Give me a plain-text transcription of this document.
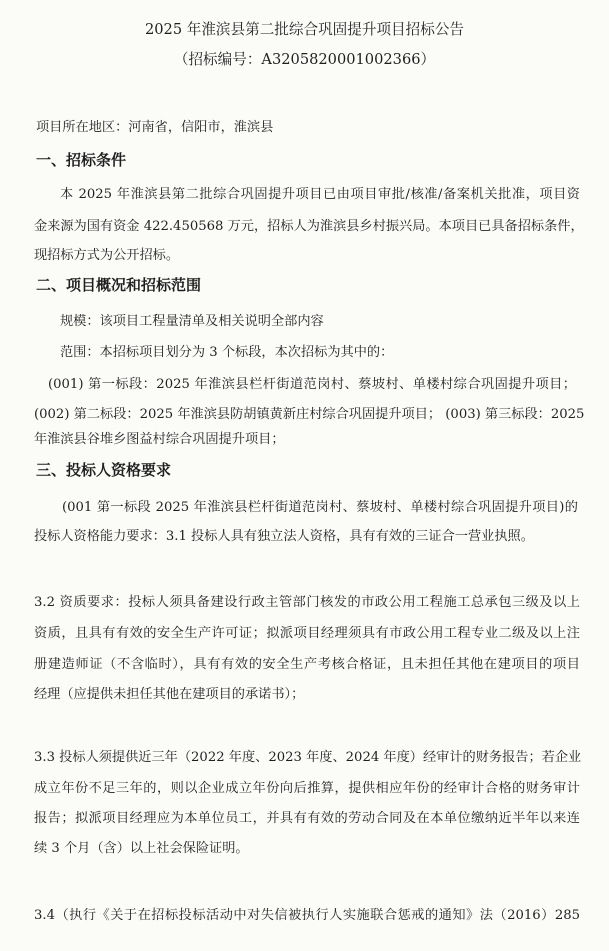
2025 年淮滨县第二批综合巩固提升项目招标公告

（招标编号：A3205820001002366）

项目所在地区：河南省，信阳市，淮滨县

一、招标条件

本 2025 年淮滨县第二批综合巩固提升项目已由项目审批/核准/备案机关批准，项目资

金来源为国有资金 422.450568 万元，招标人为淮滨县乡村振兴局。本项目已具备招标条件，

现招标方式为公开招标。

二、项目概况和招标范围

规模：该项目工程量清单及相关说明全部内容

范围：本招标项目划分为 3 个标段，本次招标为其中的：

(001) 第一标段：2025 年淮滨县栏杆街道范岗村、蔡坡村、单楼村综合巩固提升项目；

(002) 第二标段：2025 年淮滨县防胡镇黄新庄村综合巩固提升项目； (003) 第三标段：2025

年淮滨县谷堆乡图益村综合巩固提升项目；

三、投标人资格要求

(001 第一标段 2025 年淮滨县栏杆街道范岗村、蔡坡村、单楼村综合巩固提升项目)的

投标人资格能力要求：3.1 投标人具有独立法人资格，具有有效的三证合一营业执照。

3.2 资质要求：投标人须具备建设行政主管部门核发的市政公用工程施工总承包三级及以上

资质，且具有有效的安全生产许可证；拟派项目经理须具有市政公用工程专业二级及以上注

册建造师证（不含临时），具有有效的安全生产考核合格证，且未担任其他在建项目的项目

经理（应提供未担任其他在建项目的承诺书）；

3.3 投标人须提供近三年（2022 年度、2023 年度、2024 年度）经审计的财务报告；若企业

成立年份不足三年的，则以企业成立年份向后推算，提供相应年份的经审计合格的财务审计

报告；拟派项目经理应为本单位员工，并具有有效的劳动合同及在本单位缴纳近半年以来连

续 3 个月（含）以上社会保险证明。

3.4（执行《关于在招标投标活动中对失信被执行人实施联合惩戒的通知》法（2016）285
